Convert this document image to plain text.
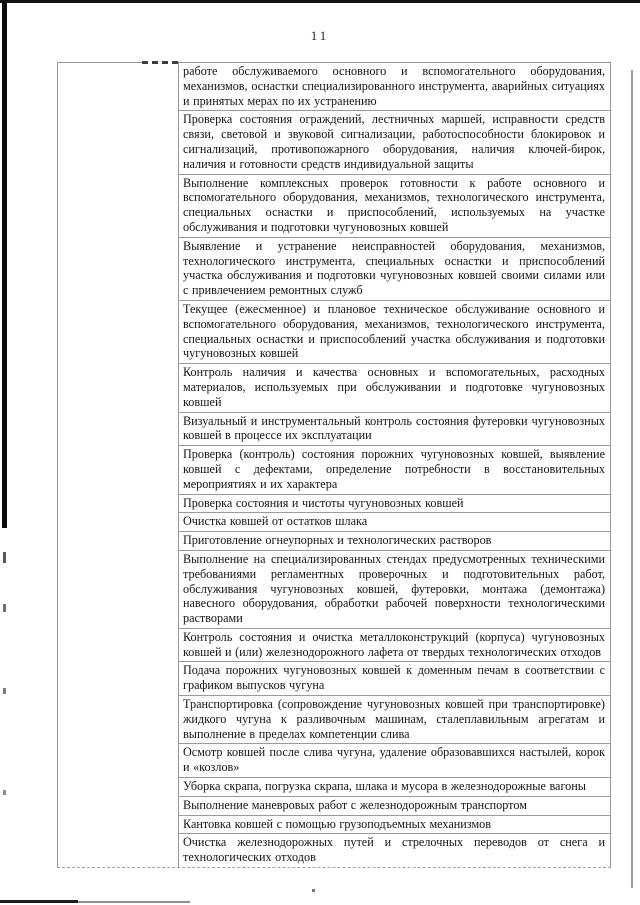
11
работе обслуживаемого основного и вспомогательного оборудования, механизмов, оснастки специализированного инструмента, аварийных ситуациях и принятых мерах по их устранению
Проверка состояния ограждений, лестничных маршей, исправности средств связи, световой и звуковой сигнализации, работоспособности блокировок и сигнализаций, противопожарного оборудования, наличия ключей-бирок, наличия и готовности средств индивидуальной защиты
Выполнение комплексных проверок готовности к работе основного и вспомогательного оборудования, механизмов, технологического инструмента, специальных оснастки и приспособлений, используемых на участке обслуживания и подготовки чугуновозных ковшей
Выявление и устранение неисправностей оборудования, механизмов, технологического инструмента, специальных оснастки и приспособлений участка обслуживания и подготовки чугуновозных ковшей своими силами или с привлечением ремонтных служб
Текущее (ежесменное) и плановое техническое обслуживание основного и вспомогательного оборудования, механизмов, технологического инструмента, специальных оснастки и приспособлений участка обслуживания и подготовки чугуновозных ковшей
Контроль наличия и качества основных и вспомогательных, расходных материалов, используемых при обслуживании и подготовке чугуновозных ковшей
Визуальный и инструментальный контроль состояния футеровки чугуновозных ковшей в процессе их эксплуатации
Проверка (контроль) состояния порожних чугуновозных ковшей, выявление ковшей с дефектами, определение потребности в восстановительных мероприятиях и их характера
Проверка состояния и чистоты чугуновозных ковшей
Очистка ковшей от остатков шлака
Приготовление огнеупорных и технологических растворов
Выполнение на специализированных стендах предусмотренных техническими требованиями регламентных проверочных и подготовительных работ, обслуживания чугуновозных ковшей, футеровки, монтажа (демонтажа) навесного оборудования, обработки рабочей поверхности технологическими растворами
Контроль состояния и очистка металлоконструкций (корпуса) чугуновозных ковшей и (или) железнодорожного лафета от твердых технологических отходов
Подача порожних чугуновозных ковшей к доменным печам в соответствии с графиком выпусков чугуна
Транспортировка (сопровождение чугуновозных ковшей при транспортировке) жидкого чугуна к разливочным машинам, сталеплавильным агрегатам и выполнение в пределах компетенции слива
Осмотр ковшей после слива чугуна, удаление образовавшихся настылей, корок и «козлов»
Уборка скрапа, погрузка скрапа, шлака и мусора в железнодорожные вагоны
Выполнение маневровых работ с железнодорожным транспортом
Кантовка ковшей с помощью грузоподъемных механизмов
Очистка железнодорожных путей и стрелочных переводов от снега и технологических отходов
